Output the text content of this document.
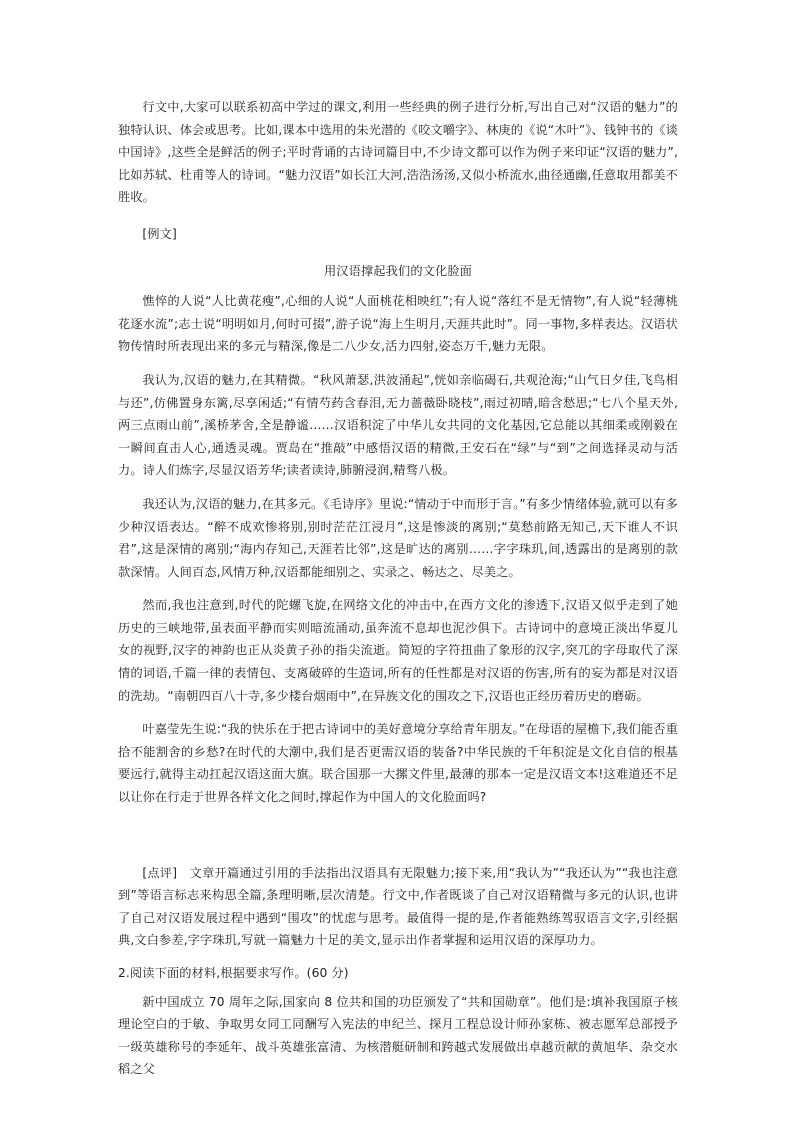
行文中,大家可以联系初高中学过的课文,利用一些经典的例子进行分析,写出自己对“汉语的魅力”的独特认识、体会或思考。比如,课本中选用的朱光潜的《咬文嚼字》、林庚的《说“木叶”》、钱钟书的《谈中国诗》,这些全是鲜活的例子;平时背诵的古诗词篇目中,不少诗文都可以作为例子来印证“汉语的魅力”,比如苏轼、杜甫等人的诗词。“魅力汉语”如长江大河,浩浩汤汤,又似小桥流水,曲径通幽,任意取用都美不胜收。

[例文]

用汉语撑起我们的文化脸面

憔悴的人说“人比黄花瘦”,心细的人说“人面桃花相映红”;有人说“落红不是无情物”,有人说“轻薄桃花逐水流”;志士说“明明如月,何时可掇”,游子说“海上生明月,天涯共此时”。同一事物,多样表达。汉语状物传情时所表现出来的多元与精深,像是二八少女,活力四射,姿态万千,魅力无限。

我认为,汉语的魅力,在其精微。“秋风萧瑟,洪波涌起”,恍如亲临碣石,共观沧海;“山气日夕佳,飞鸟相与还”,仿佛置身东篱,尽享闲适;“有情芍药含春泪,无力蔷薇卧晓枝”,雨过初晴,暗含愁思;“七八个星天外,两三点雨山前”,溪桥茅舍,全是静谧……汉语积淀了中华儿女共同的文化基因,它总能以其细柔或刚毅在一瞬间直击人心,通透灵魂。贾岛在“推敲”中感悟汉语的精微,王安石在“绿”与“到”之间选择灵动与活力。诗人们炼字,尽显汉语芳华;读者读诗,肺腑浸润,精骛八极。

我还认为,汉语的魅力,在其多元。《毛诗序》里说:“情动于中而形于言。”有多少情绪体验,就可以有多少种汉语表达。“醉不成欢惨将别,别时茫茫江浸月”,这是惨淡的离别;“莫愁前路无知己,天下谁人不识君”,这是深情的离别;“海内存知己,天涯若比邻”,这是旷达的离别……字字珠玑,间,透露出的是离别的款款深情。人间百态,风情万种,汉语都能细别之、实录之、畅达之、尽美之。

然而,我也注意到,时代的陀螺飞旋,在网络文化的冲击中,在西方文化的渗透下,汉语又似乎走到了她历史的三峡地带,虽表面平静而实则暗流涌动,虽奔流不息却也泥沙俱下。古诗词中的意境正淡出华夏儿女的视野,汉字的神韵也正从炎黄子孙的指尖流逝。简短的字符扭曲了象形的汉字,突兀的字母取代了深情的词语,千篇一律的表情包、支离破碎的生造词,所有的任性都是对汉语的伤害,所有的妄为都是对汉语的洗劫。“南朝四百八十寺,多少楼台烟雨中”,在异族文化的围攻之下,汉语也正经历着历史的磨砺。

叶嘉莹先生说:“我的快乐在于把古诗词中的美好意境分享给青年朋友。”在母语的屋檐下,我们能否重拾不能割舍的乡愁?在时代的大潮中,我们是否更需汉语的装备?中华民族的千年积淀是文化自信的根基要远行,就得主动扛起汉语这面大旗。联合国那一大摞文件里,最薄的那本一定是汉语文本!这难道还不足以让你在行走于世界各样文化之间时,撑起作为中国人的文化脸面吗?

[点评]　文章开篇通过引用的手法指出汉语具有无限魅力;接下来,用“我认为”“我还认为”“我也注意到”等语言标志来构思全篇,条理明晰,层次清楚。行文中,作者既谈了自己对汉语精微与多元的认识,也讲了自己对汉语发展过程中遇到“围攻”的忧虑与思考。最值得一提的是,作者能熟练驾驭语言文字,引经据典,文白参差,字字珠玑,写就一篇魅力十足的美文,显示出作者掌握和运用汉语的深厚功力。

2.阅读下面的材料,根据要求写作。(60 分)

新中国成立 70 周年之际,国家向 8 位共和国的功臣颁发了“共和国勋章”。他们是:填补我国原子核理论空白的于敏、争取男女同工同酬写入宪法的申纪兰、探月工程总设计师孙家栋、被志愿军总部授予一级英雄称号的李延年、战斗英雄张富清、为核潜艇研制和跨越式发展做出卓越贡献的黄旭华、杂交水稻之父
